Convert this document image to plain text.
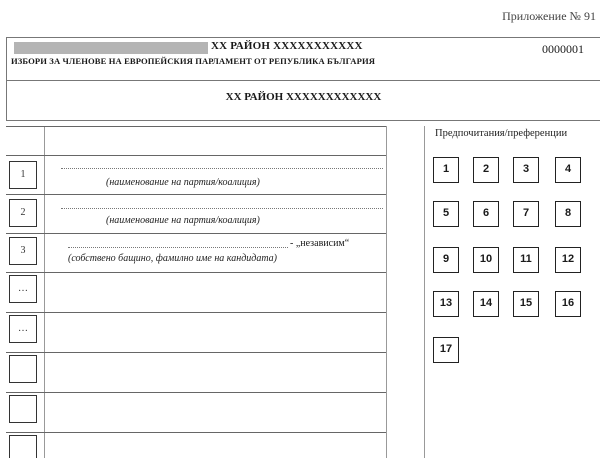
Приложение № 91
XX РАЙОН XXXXXXXXXXX	0000001
ИЗБОРИ ЗА ЧЛЕНОВЕ НА ЕВРОПЕЙСКИЯ ПАРЛАМЕНТ ОТ РЕПУБЛИКА БЪЛГАРИЯ
XX РАЙОН XXXXXXXXXXXX
1
(наименование на партия/коалиция)
2
(наименование на партия/коалиция)
3
- „независим“
(собствено бащино, фамилно име на кандидата)
…
…
Предпочитания/преференции
1	2	3	4
5	6	7	8
9	10	11	12
13	14	15	16
17
